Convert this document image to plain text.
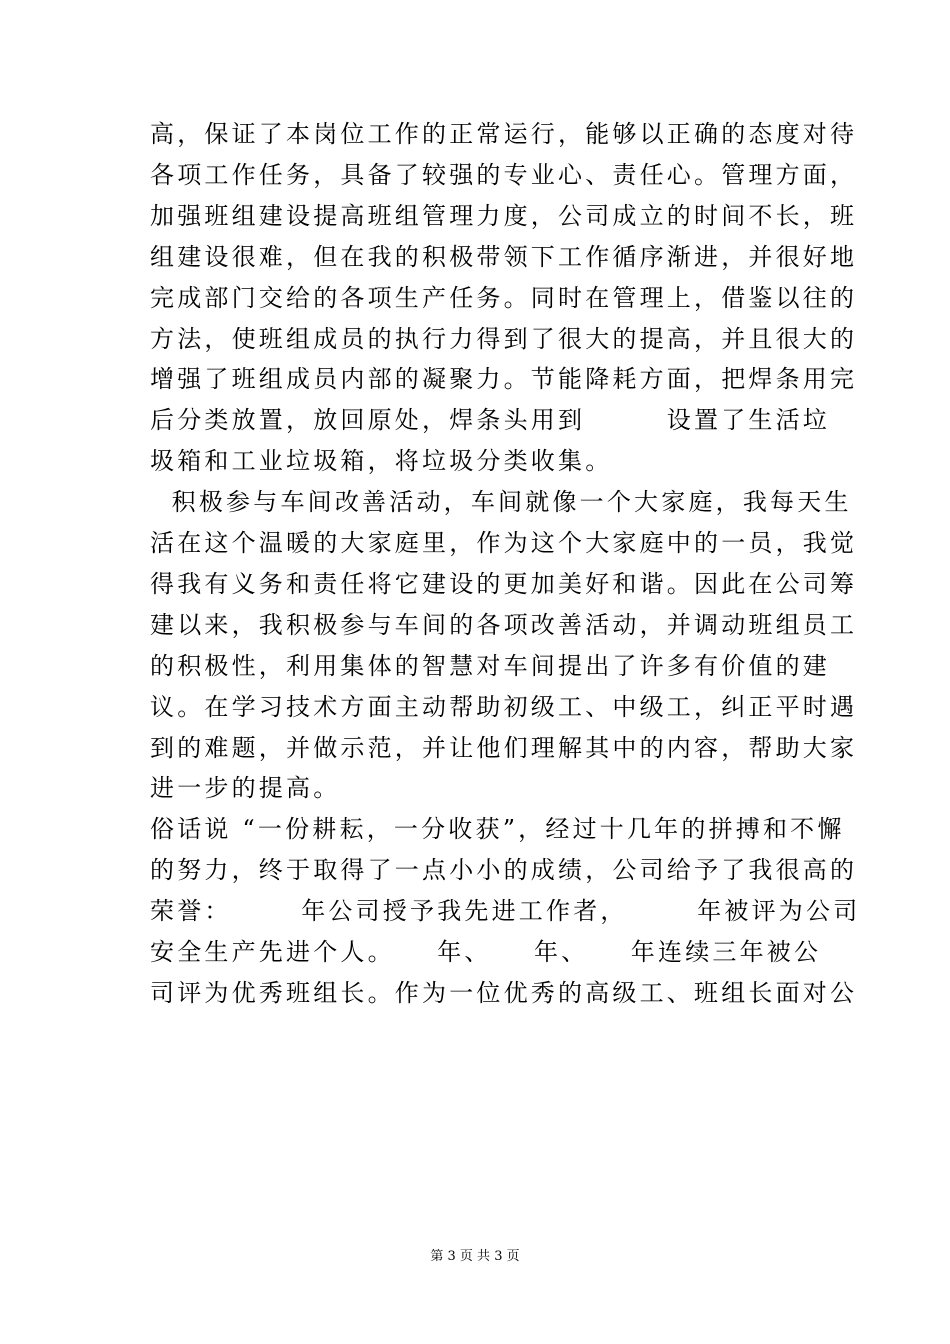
高，保证了本岗位工作的正常运行，能够以正确的态度对待
各项工作任务，具备了较强的专业心、责任心。管理方面，
加强班组建设提高班组管理力度，公司成立的时间不长，班
组建设很难，但在我的积极带领下工作循序渐进，并很好地
完成部门交给的各项生产任务。同时在管理上，借鉴以往的
方法，使班组成员的执行力得到了很大的提高，并且很大的
增强了班组成员内部的凝聚力。节能降耗方面，把焊条用完
后分类放置，放回原处，焊条头用到　　　设置了生活垃
圾箱和工业垃圾箱，将垃圾分类收集。
积极参与车间改善活动，车间就像一个大家庭，我每天生
活在这个温暖的大家庭里，作为这个大家庭中的一员，我觉
得我有义务和责任将它建设的更加美好和谐。因此在公司筹
建以来，我积极参与车间的各项改善活动，并调动班组员工
的积极性，利用集体的智慧对车间提出了许多有价值的建
议。在学习技术方面主动帮助初级工、中级工，纠正平时遇
到的难题，并做示范，并让他们理解其中的内容，帮助大家
进一步的提高。
俗话说 “一份耕耘，一分收获”，经过十几年的拼搏和不懈
的努力，终于取得了一点小小的成绩，公司给予了我很高的
荣誉：　　　年公司授予我先进工作者，　　　年被评为公司
安全生产先进个人。　　年、　　年、　　年连续三年被公
司评为优秀班组长。作为一位优秀的高级工、班组长面对公
第 3 页 共 3 页
